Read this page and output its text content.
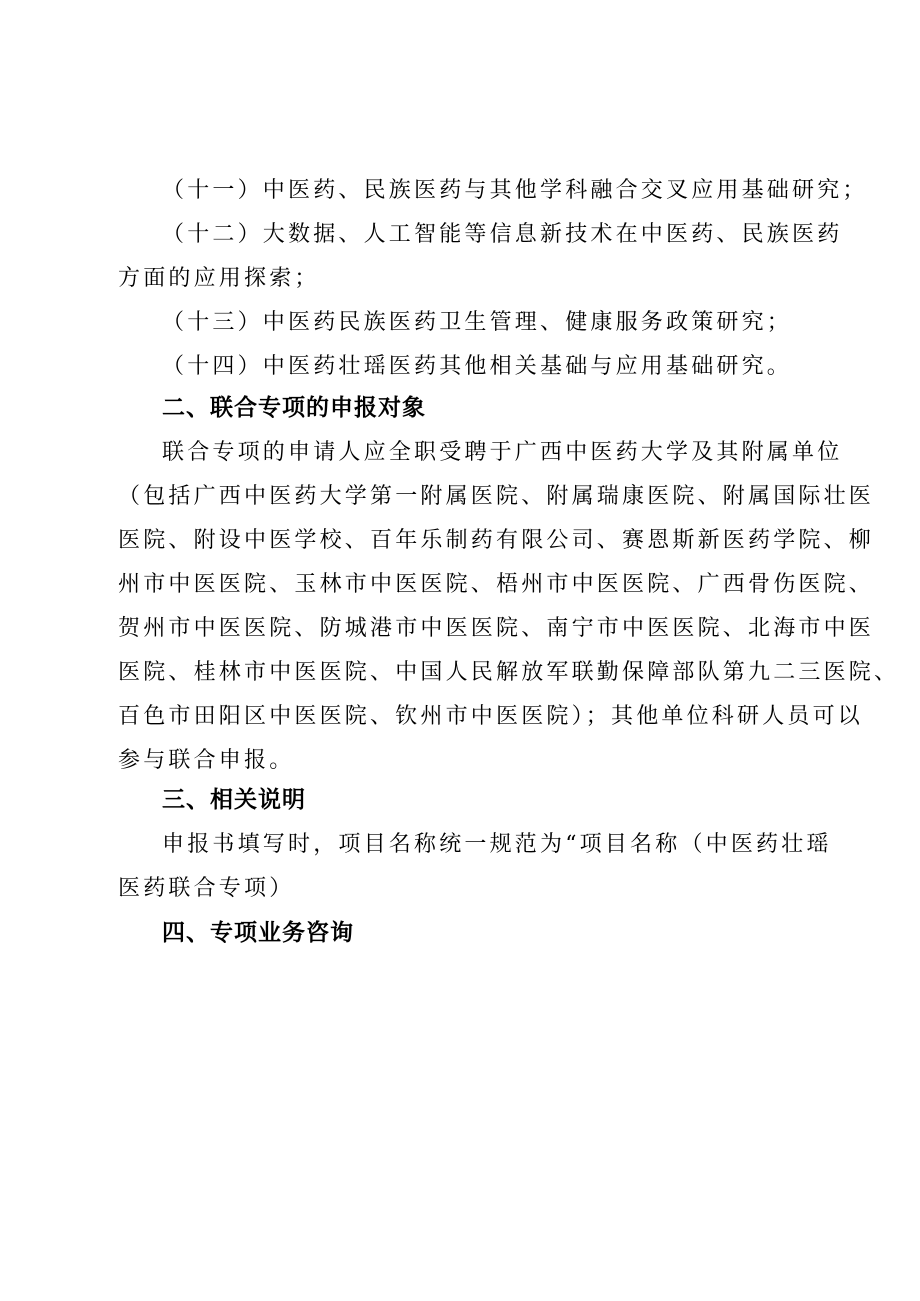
（十一）中医药、民族医药与其他学科融合交叉应用基础研究；
（十二）大数据、人工智能等信息新技术在中医药、民族医药
方面的应用探索；
（十三）中医药民族医药卫生管理、健康服务政策研究；
（十四）中医药壮瑶医药其他相关基础与应用基础研究。
二、联合专项的申报对象
联合专项的申请人应全职受聘于广西中医药大学及其附属单位
（包括广西中医药大学第一附属医院、附属瑞康医院、附属国际壮医
医院、附设中医学校、百年乐制药有限公司、赛恩斯新医药学院、柳
州市中医医院、玉林市中医医院、梧州市中医医院、广西骨伤医院、
贺州市中医医院、防城港市中医医院、南宁市中医医院、北海市中医
医院、桂林市中医医院、中国人民解放军联勤保障部队第九二三医院、
百色市田阳区中医医院、钦州市中医医院）；其他单位科研人员可以
参与联合申报。
三、相关说明
申报书填写时，项目名称统一规范为“项目名称（中医药壮瑶
医药联合专项）
四、专项业务咨询
